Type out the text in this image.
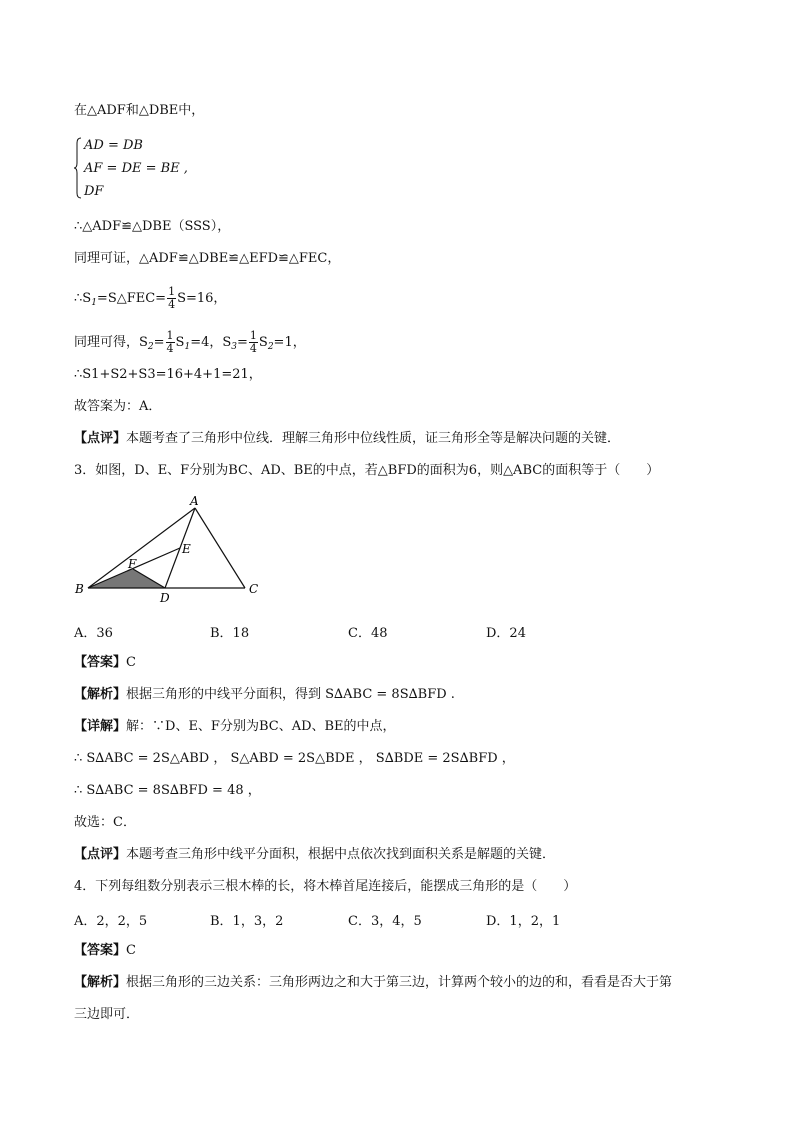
在△ADF和△DBE中，
AD = DB
AF = DE = BE ,
DF
∴△ADF≌△DBE（SSS），
同理可证，△ADF≌△DBE≌△EFD≌△FEC，
$\therefore S_1=S\triangle FEC= \frac{1}{4} S=16$，
同理可得，$S_2= \frac{1}{4} S_1=4$，$S_3= \frac{1}{4} S_2=1$，
∴S1+S2+S3=16+4+1=21，
故答案为：A．
【点评】本题考查了三角形中位线．理解三角形中位线性质，证三角形全等是解决问题的关键．
3．如图，D、E、F分别为BC、AD、BE的中点，若△BFD的面积为6，则△ABC的面积等于（　　）
A
B	C
D
E
F
A．36	B．18	C．48	D．24
【答案】C
【解析】根据三角形的中线平分面积，得到 S∆ABC = 8S∆BFD .
【详解】解：∵D、E、F分别为BC、AD、BE的中点，
∴ S∆ABC = 2S△ABD ， S△ABD = 2S△BDE ， S∆BDE = 2S∆BFD ，
∴ S∆ABC = 8S∆BFD = 48 ，
故选：C．
【点评】本题考查三角形中线平分面积，根据中点依次找到面积关系是解题的关键．
4．下列每组数分别表示三根木棒的长，将木棒首尾连接后，能摆成三角形的是（　　）
A．2，2，5	B．1，3，2	C．3，4，5	D．1，2，1
【答案】C
【解析】根据三角形的三边关系：三角形两边之和大于第三边，计算两个较小的边的和，看看是否大于第
三边即可．
